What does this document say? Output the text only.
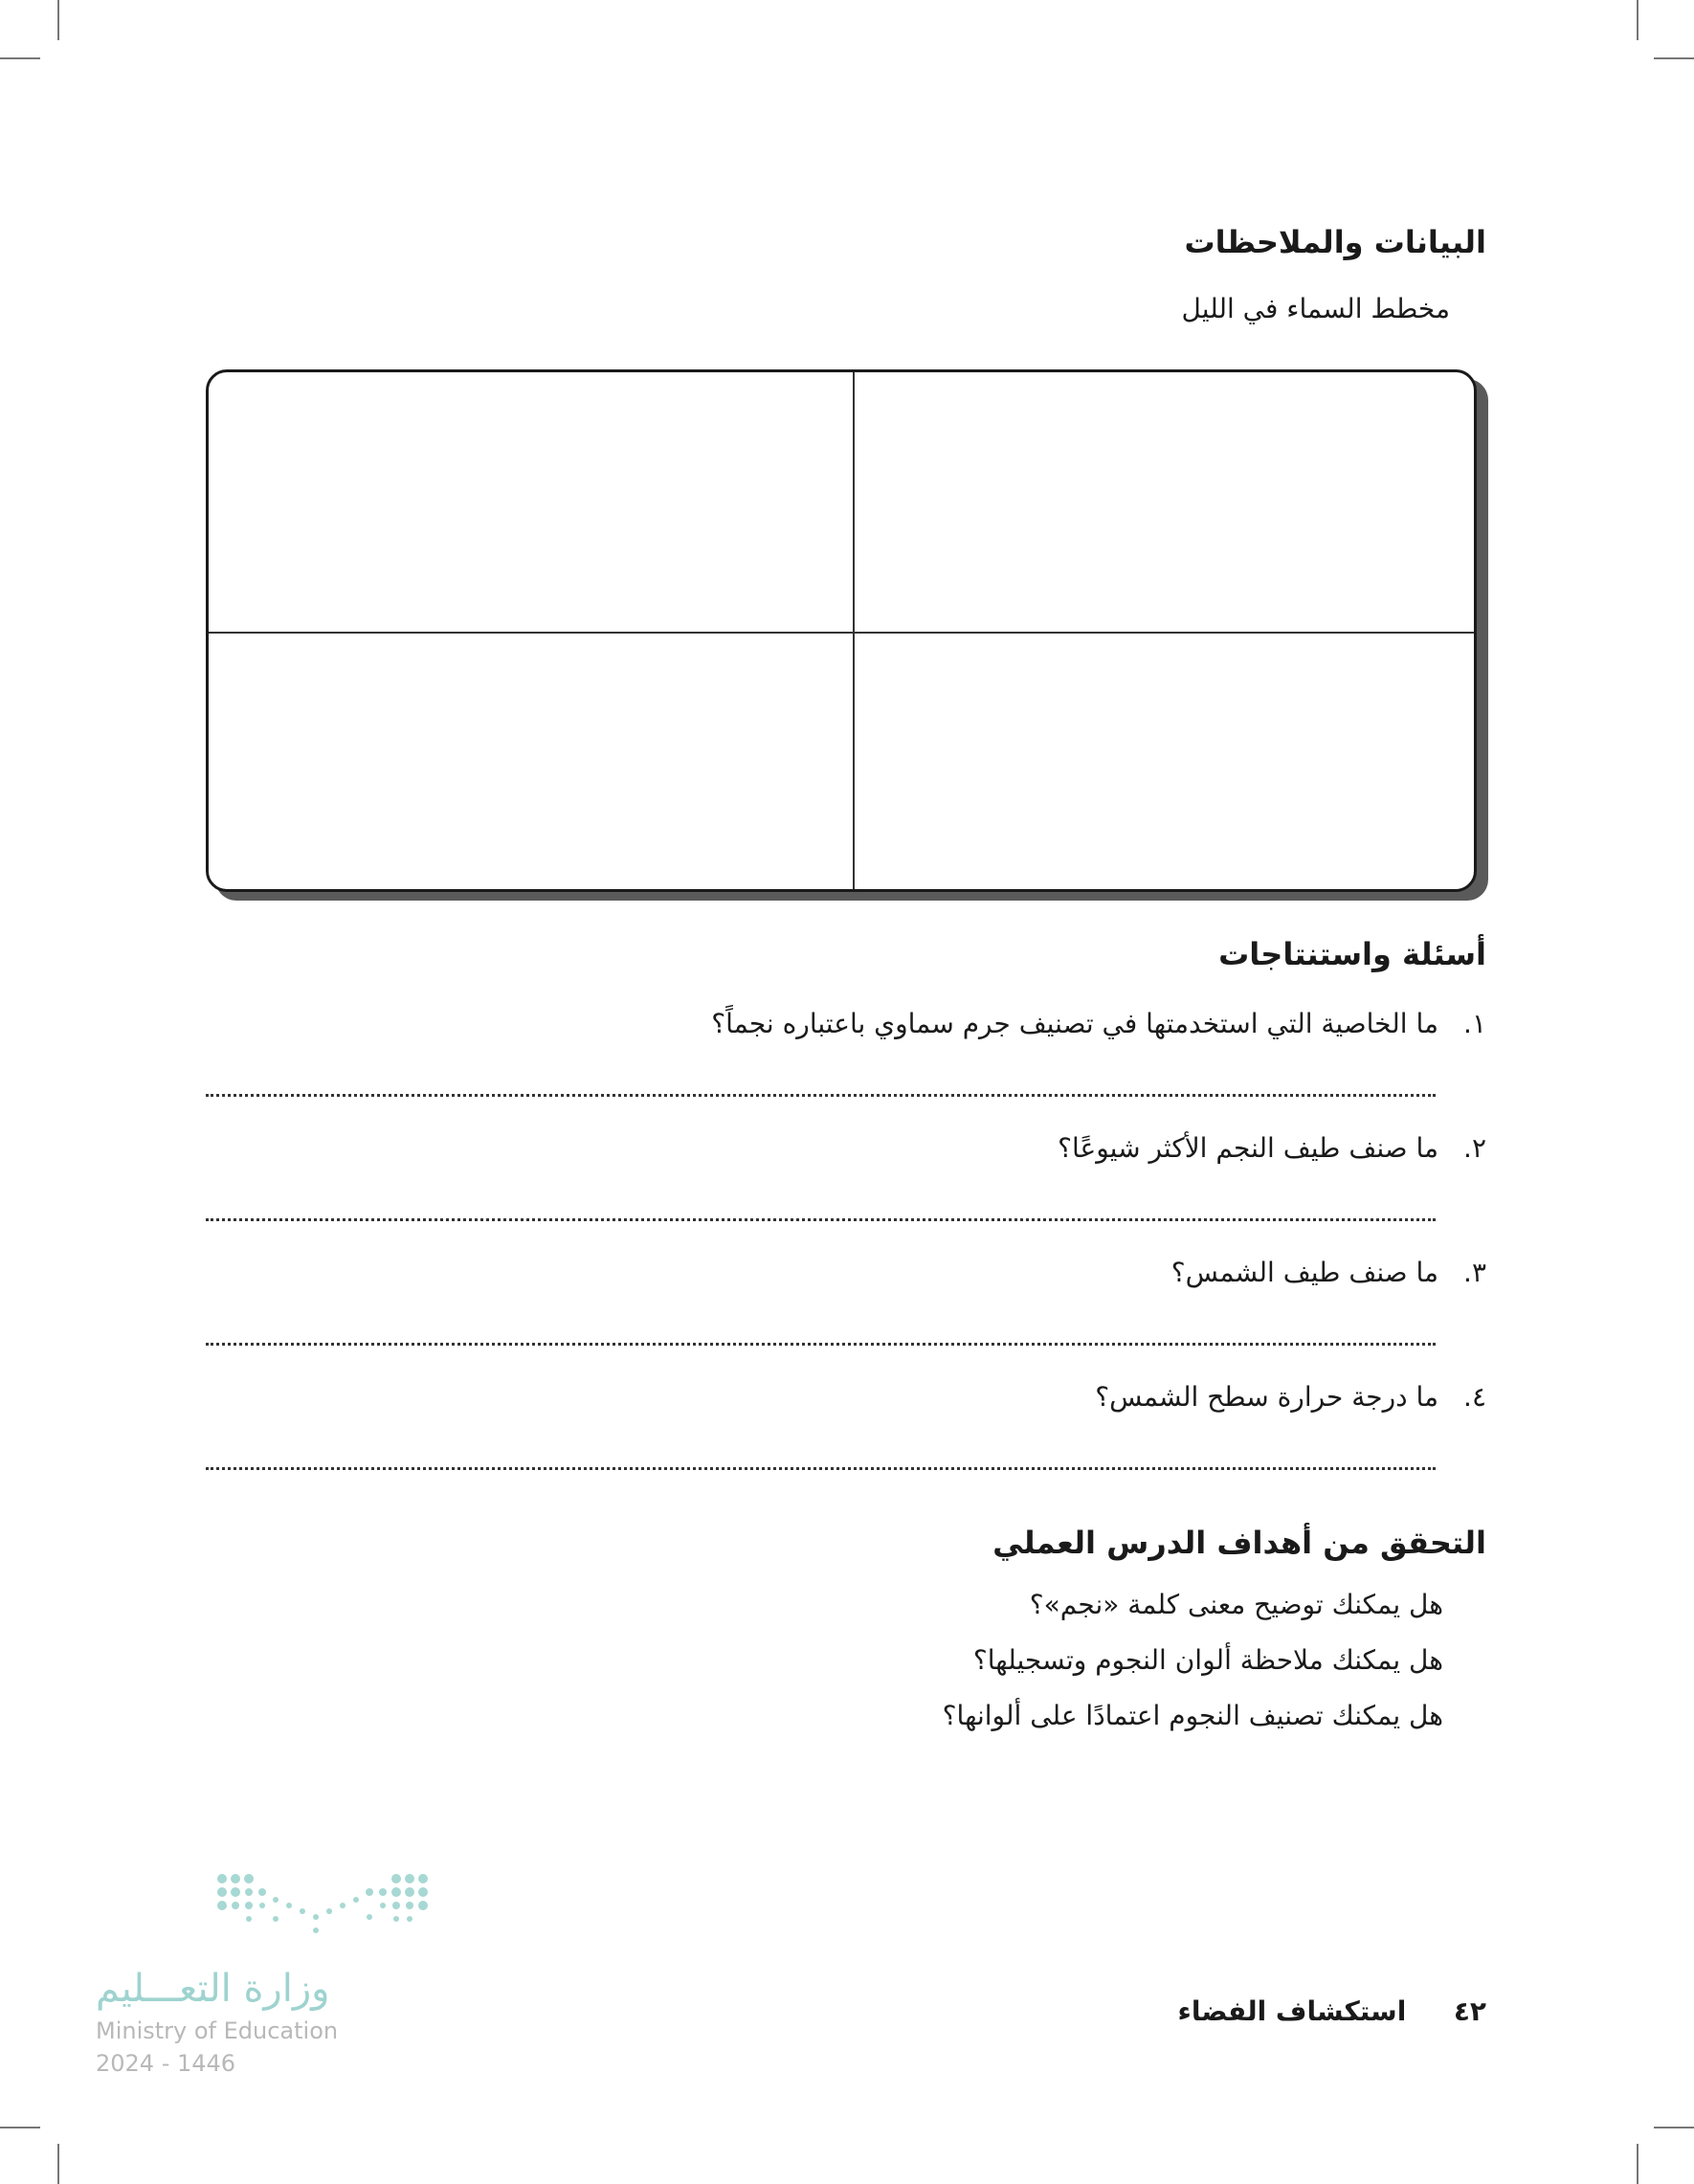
البيانات والملاحظات
مخطط السماء في الليل
أسئلة واستنتاجات
١.ما الخاصية التي استخدمتها في تصنيف جرم سماوي باعتباره نجماً؟
٢.ما صنف طيف النجم الأكثر شيوعًا؟
٣.ما صنف طيف الشمس؟
٤.ما درجة حرارة سطح الشمس؟
التحقق من أهداف الدرس العملي
هل يمكنك توضيح معنى كلمة «نجم»؟
هل يمكنك ملاحظة ألوان النجوم وتسجيلها؟
هل يمكنك تصنيف النجوم اعتمادًا على ألوانها؟
وزارة التعـــليم
Ministry of Education
2024 - 1446
٤٢  استكشاف الفضاء
